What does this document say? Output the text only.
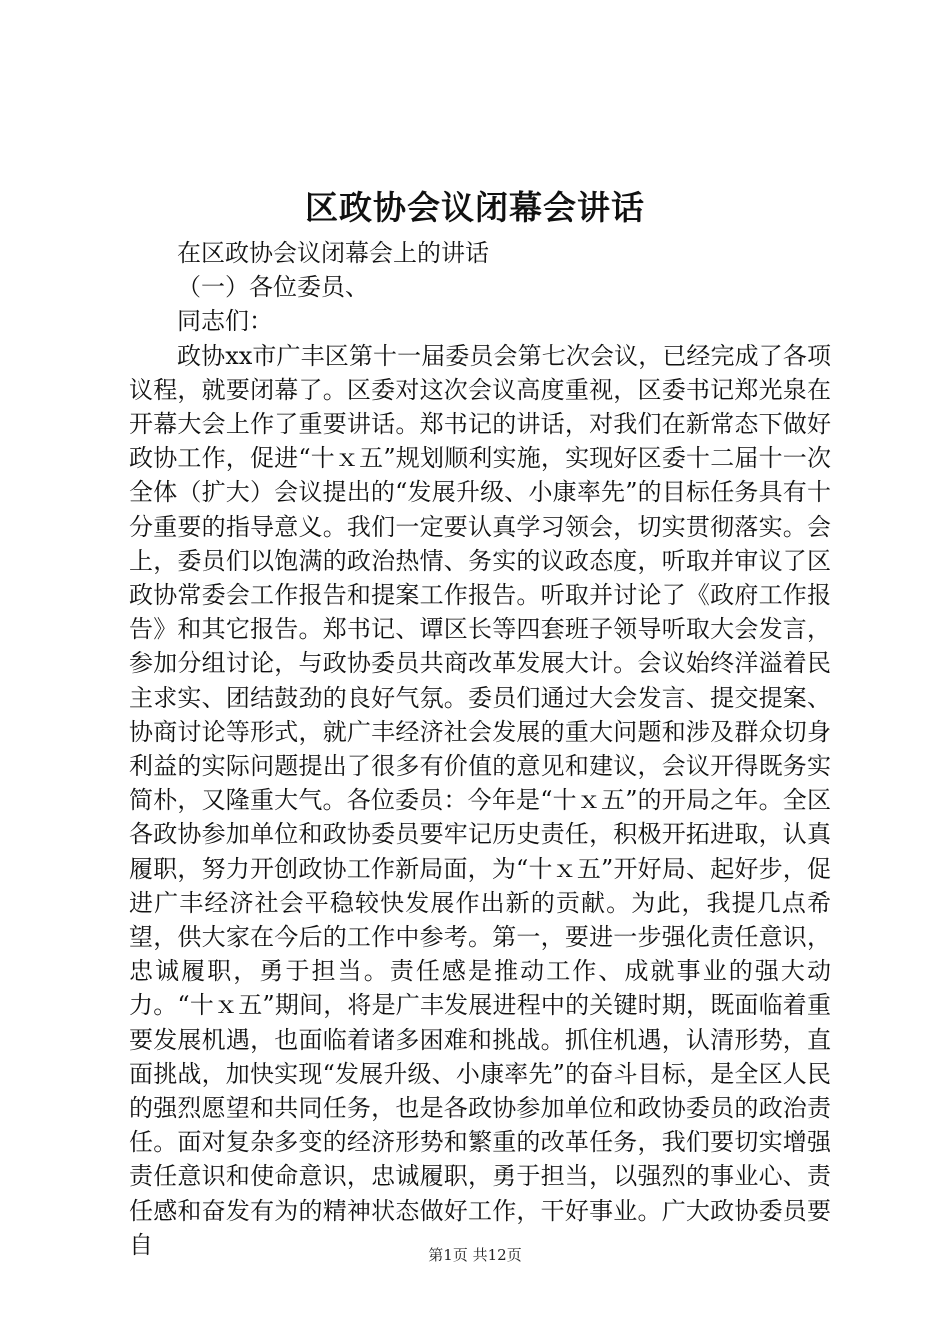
区政协会议闭幕会讲话

在区政协会议闭幕会上的讲话

（一）各位委员、

同志们：

政协xx市广丰区第十一届委员会第七次会议，已经完成了各项议程，就要闭幕了。区委对这次会议高度重视，区委书记郑光泉在开幕大会上作了重要讲话。郑书记的讲话，对我们在新常态下做好政协工作，促进“十ｘ五”规划顺利实施，实现好区委十二届十一次全体（扩大）会议提出的“发展升级、小康率先”的目标任务具有十分重要的指导意义。我们一定要认真学习领会，切实贯彻落实。会上，委员们以饱满的政治热情、务实的议政态度，听取并审议了区政协常委会工作报告和提案工作报告。听取并讨论了《政府工作报告》和其它报告。郑书记、谭区长等四套班子领导听取大会发言，参加分组讨论，与政协委员共商改革发展大计。会议始终洋溢着民主求实、团结鼓劲的良好气氛。委员们通过大会发言、提交提案、协商讨论等形式，就广丰经济社会发展的重大问题和涉及群众切身利益的实际问题提出了很多有价值的意见和建议，会议开得既务实简朴，又隆重大气。各位委员：今年是“十ｘ五”的开局之年。全区各政协参加单位和政协委员要牢记历史责任，积极开拓进取，认真履职，努力开创政协工作新局面，为“十ｘ五”开好局、起好步，促进广丰经济社会平稳较快发展作出新的贡献。为此，我提几点希望，供大家在今后的工作中参考。第一，要进一步强化责任意识，忠诚履职，勇于担当。责任感是推动工作、成就事业的强大动力。“十ｘ五”期间，将是广丰发展进程中的关键时期，既面临着重要发展机遇，也面临着诸多困难和挑战。抓住机遇，认清形势，直面挑战，加快实现“发展升级、小康率先”的奋斗目标，是全区人民的强烈愿望和共同任务，也是各政协参加单位和政协委员的政治责任。面对复杂多变的经济形势和繁重的改革任务，我们要切实增强责任意识和使命意识，忠诚履职，勇于担当，以强烈的事业心、责任感和奋发有为的精神状态做好工作，干好事业。广大政协委员要自	第1页 共12页
